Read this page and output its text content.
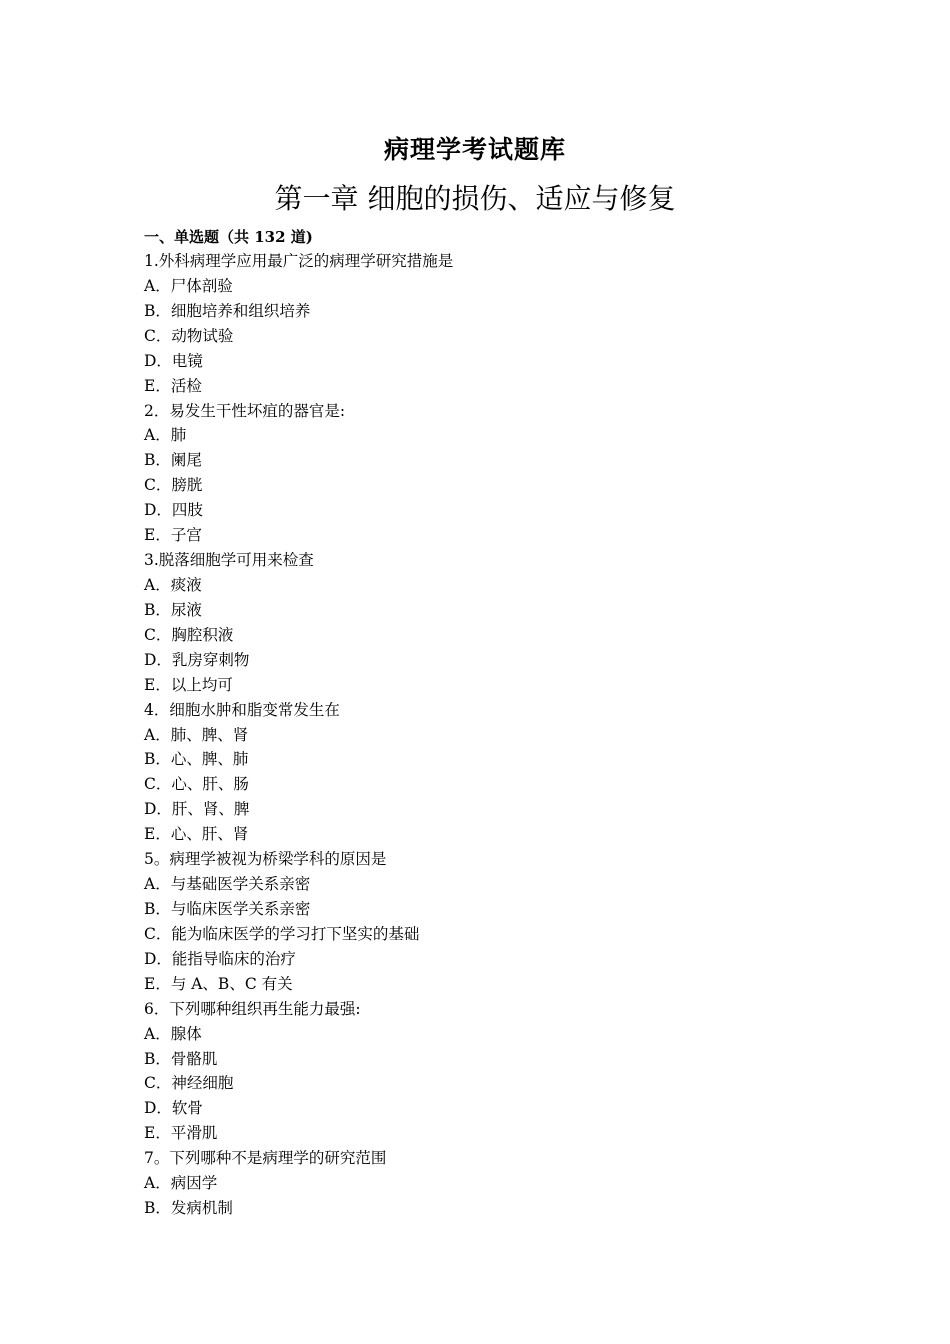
病理学考试题库
第一章 细胞的损伤、适应与修复
一、单选题（共 132 道)
1.外科病理学应用最广泛的病理学研究措施是
A．尸体剖验
B．细胞培养和组织培养
C．动物试验
D．电镜
E．活检
2．易发生干性坏疽的器官是:
A．肺
B．阑尾
C．膀胱
D．四肢
E．子宫
3.脱落细胞学可用来检查
A．痰液
B．尿液
C．胸腔积液
D．乳房穿刺物
E．以上均可
4．细胞水肿和脂变常发生在
A．肺、脾、肾
B．心、脾、肺
C．心、肝、肠
D．肝、肾、脾
E．心、肝、肾
5。病理学被视为桥梁学科的原因是
A．与基础医学关系亲密
B．与临床医学关系亲密
C．能为临床医学的学习打下坚实的基础
D．能指导临床的治疗
E．与 A、B、C 有关
6．下列哪种组织再生能力最强:
A．腺体
B．骨骼肌
C．神经细胞
D．软骨
E．平滑肌
7。下列哪种不是病理学的研究范围
A．病因学
B．发病机制
